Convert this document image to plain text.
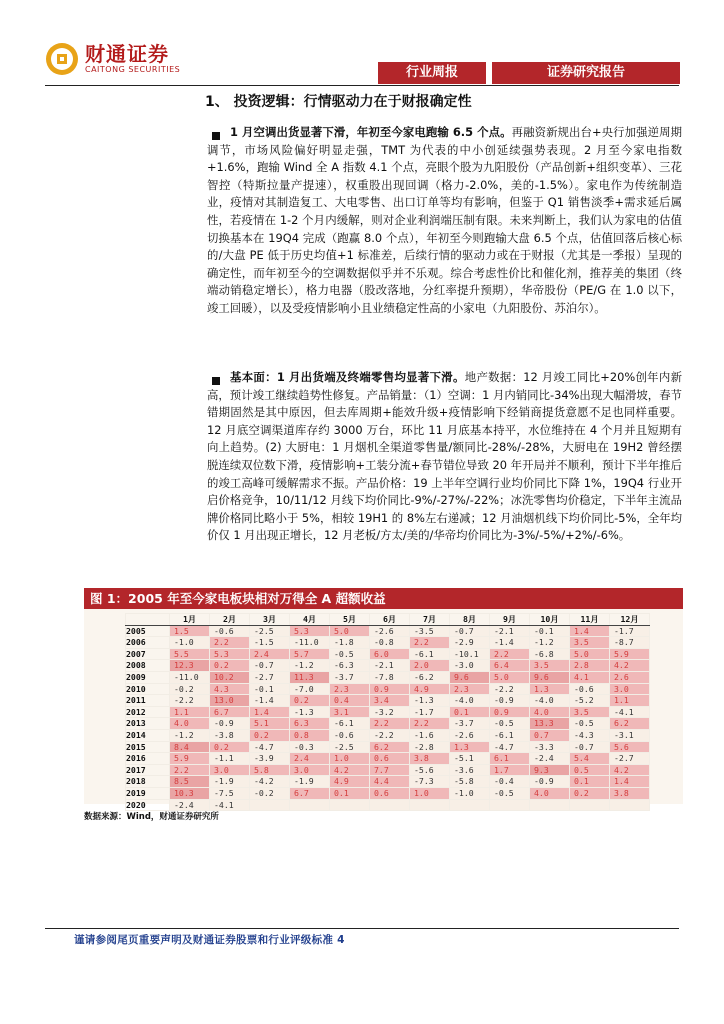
财通证券
CAITONG SECURITIES	行业周报	证券研究报告
1、 投资逻辑：行情驱动力在于财报确定性

1 月空调出货显著下滑，年初至今家电跑输 6.5 个点。再融资新规出台+央行加强逆周期调节，市场风险偏好明显走强，TMT 为代表的中小创延续强势表现。2 月至今家电指数+1.6%，跑输 Wind 全 A 指数 4.1 个点，亮眼个股为九阳股份（产品创新+组织变革）、三花智控（特斯拉量产提速），权重股出现回调（格力-2.0%，美的-1.5%）。家电作为传统制造业，疫情对其制造复工、大电零售、出口订单等均有影响，但鉴于 Q1 销售淡季+需求延后属性，若疫情在 1-2 个月内缓解，则对企业利润端压制有限。未来判断上，我们认为家电的估值切换基本在 19Q4 完成（跑赢 8.0 个点），年初至今则跑输大盘 6.5 个点，估值回落后核心标的/大盘 PE 低于历史均值+1 标准差，后续行情的驱动力或在于财报（尤其是一季报）呈现的确定性，而年初至今的空调数据似乎并不乐观。综合考虑性价比和催化剂，推荐美的集团（终端动销稳定增长），格力电器（股改落地，分红率提升预期），华帝股份（PE/G 在 1.0 以下，竣工回暖），以及受疫情影响小且业绩稳定性高的小家电（九阳股份、苏泊尔）。

基本面：1 月出货端及终端零售均显著下滑。地产数据：12 月竣工同比+20%创年内新高，预计竣工继续趋势性修复。产品销量：（1）空调：1 月内销同比-34%出现大幅滑坡，春节错期固然是其中原因，但去库周期+能效升级+疫情影响下经销商提货意愿不足也同样重要。12 月底空调渠道库存约 3000 万台，环比 11 月底基本持平，水位维持在 4 个月并且短期有向上趋势。(2) 大厨电：1 月烟机全渠道零售量/额同比-28%/-28%，大厨电在 19H2 曾经摆脱连续双位数下滑，疫情影响+工装分流+春节错位导致 20 年开局并不顺利，预计下半年推后的竣工高峰可缓解需求不振。产品价格：19 上半年空调行业均价同比下降 1%，19Q4 行业开启价格竞争，10/11/12 月线下均价同比-9%/-27%/-22%；冰洗零售均价稳定，下半年主流品牌价格同比略小于 5%，相较 19H1 的 8%左右递减；12 月油烟机线下均价同比-5%，全年均价仅 1 月出现正增长，12 月老板/方太/美的/华帝均价同比为-3%/-5%/+2%/-6%。

图 1：2005 年至今家电板块相对万得全 A 超额收益
	1月	2月	3月	4月	5月	6月	7月	8月	9月	10月	11月	12月
2005	1.5	-0.6	-2.5	5.3	5.0	-2.6	-3.5	-0.7	-2.1	-0.1	1.4	-1.7
2006	-1.0	2.2	-1.5	-11.0	-1.8	-0.8	2.2	-2.9	-1.4	-1.2	3.5	-8.7
2007	5.5	5.3	2.4	5.7	-0.5	6.0	-6.1	-10.1	2.2	-6.8	5.0	5.9
2008	12.3	0.2	-0.7	-1.2	-6.3	-2.1	2.0	-3.0	6.4	3.5	2.8	4.2
2009	-11.0	10.2	-2.7	11.3	-3.7	-7.8	-6.2	9.6	5.0	9.6	4.1	2.6
2010	-0.2	4.3	-0.1	-7.0	2.3	0.9	4.9	2.3	-2.2	1.3	-0.6	3.0
2011	-2.2	13.0	-1.4	0.2	0.4	3.4	-1.3	-4.0	-0.9	-4.0	-5.2	1.1
2012	1.1	6.7	1.4	-1.3	3.1	-3.2	-1.7	0.1	0.9	4.0	3.5	-4.1
2013	4.0	-0.9	5.1	6.3	-6.1	2.2	2.2	-3.7	-0.5	13.3	-0.5	6.2
2014	-1.2	-3.8	0.2	0.8	-0.6	-2.2	-1.6	-2.6	-6.1	0.7	-4.3	-3.1
2015	8.4	0.2	-4.7	-0.3	-2.5	6.2	-2.8	1.3	-4.7	-3.3	-0.7	5.6
2016	5.9	-1.1	-3.9	2.4	1.0	0.6	3.8	-5.1	6.1	-2.4	5.4	-2.7
2017	2.2	3.0	5.8	3.0	4.2	7.7	-5.6	-3.6	1.7	9.3	0.5	4.2
2018	8.5	-1.9	-4.2	-1.9	4.9	4.4	-7.3	-5.8	-0.4	-0.9	0.1	1.4
2019	10.3	-7.5	-0.2	6.7	0.1	0.6	1.0	-1.0	-0.5	4.0	0.2	3.8
2020	-2.4	-4.1										
数据来源：Wind，财通证券研究所
谨请参阅尾页重要声明及财通证券股票和行业评级标准 4
